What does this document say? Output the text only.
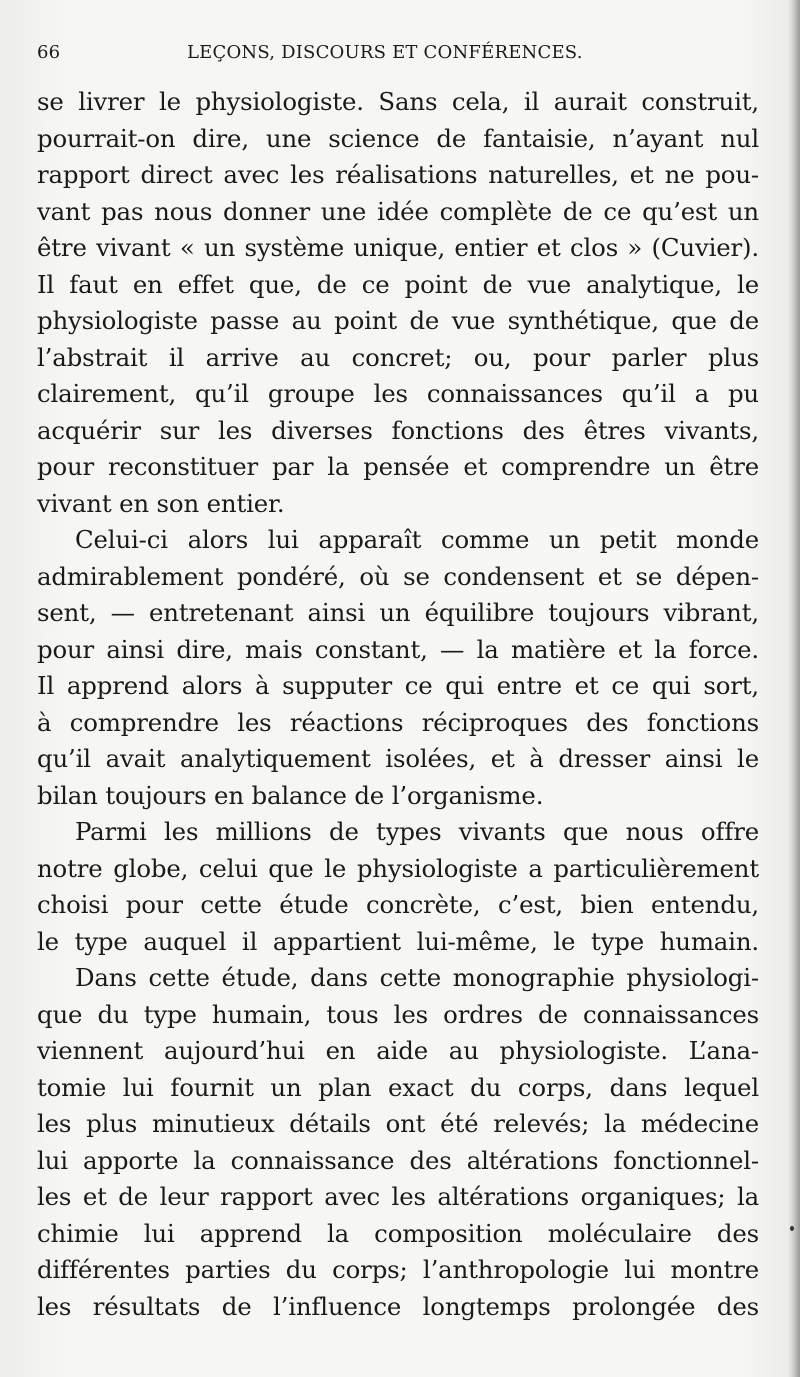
66	LEÇONS, DISCOURS ET CONFÉRENCES.
se livrer le physiologiste. Sans cela, il aurait construit,
pourrait-on dire, une science de fantaisie, n’ayant nul
rapport direct avec les réalisations naturelles, et ne pou-
vant pas nous donner une idée complète de ce qu’est un
être vivant « un système unique, entier et clos » (Cuvier).
Il faut en effet que, de ce point de vue analytique, le
physiologiste passe au point de vue synthétique, que de
l’abstrait il arrive au concret; ou, pour parler plus
clairement, qu’il groupe les connaissances qu’il a pu
acquérir sur les diverses fonctions des êtres vivants,
pour reconstituer par la pensée et comprendre un être
vivant en son entier.
Celui-ci alors lui apparaît comme un petit monde
admirablement pondéré, où se condensent et se dépen-
sent, — entretenant ainsi un équilibre toujours vibrant,
pour ainsi dire, mais constant, — la matière et la force.
Il apprend alors à supputer ce qui entre et ce qui sort,
à comprendre les réactions réciproques des fonctions
qu’il avait analytiquement isolées, et à dresser ainsi le
bilan toujours en balance de l’organisme.
Parmi les millions de types vivants que nous offre
notre globe, celui que le physiologiste a particulièrement
choisi pour cette étude concrète, c’est, bien entendu,
le type auquel il appartient lui-même, le type humain.
Dans cette étude, dans cette monographie physiologi-
que du type humain, tous les ordres de connaissances
viennent aujourd’hui en aide au physiologiste. L’ana-
tomie lui fournit un plan exact du corps, dans lequel
les plus minutieux détails ont été relevés; la médecine
lui apporte la connaissance des altérations fonctionnel-
les et de leur rapport avec les altérations organiques; la
chimie lui apprend la composition moléculaire des
différentes parties du corps; l’anthropologie lui montre
les résultats de l’influence longtemps prolongée des
